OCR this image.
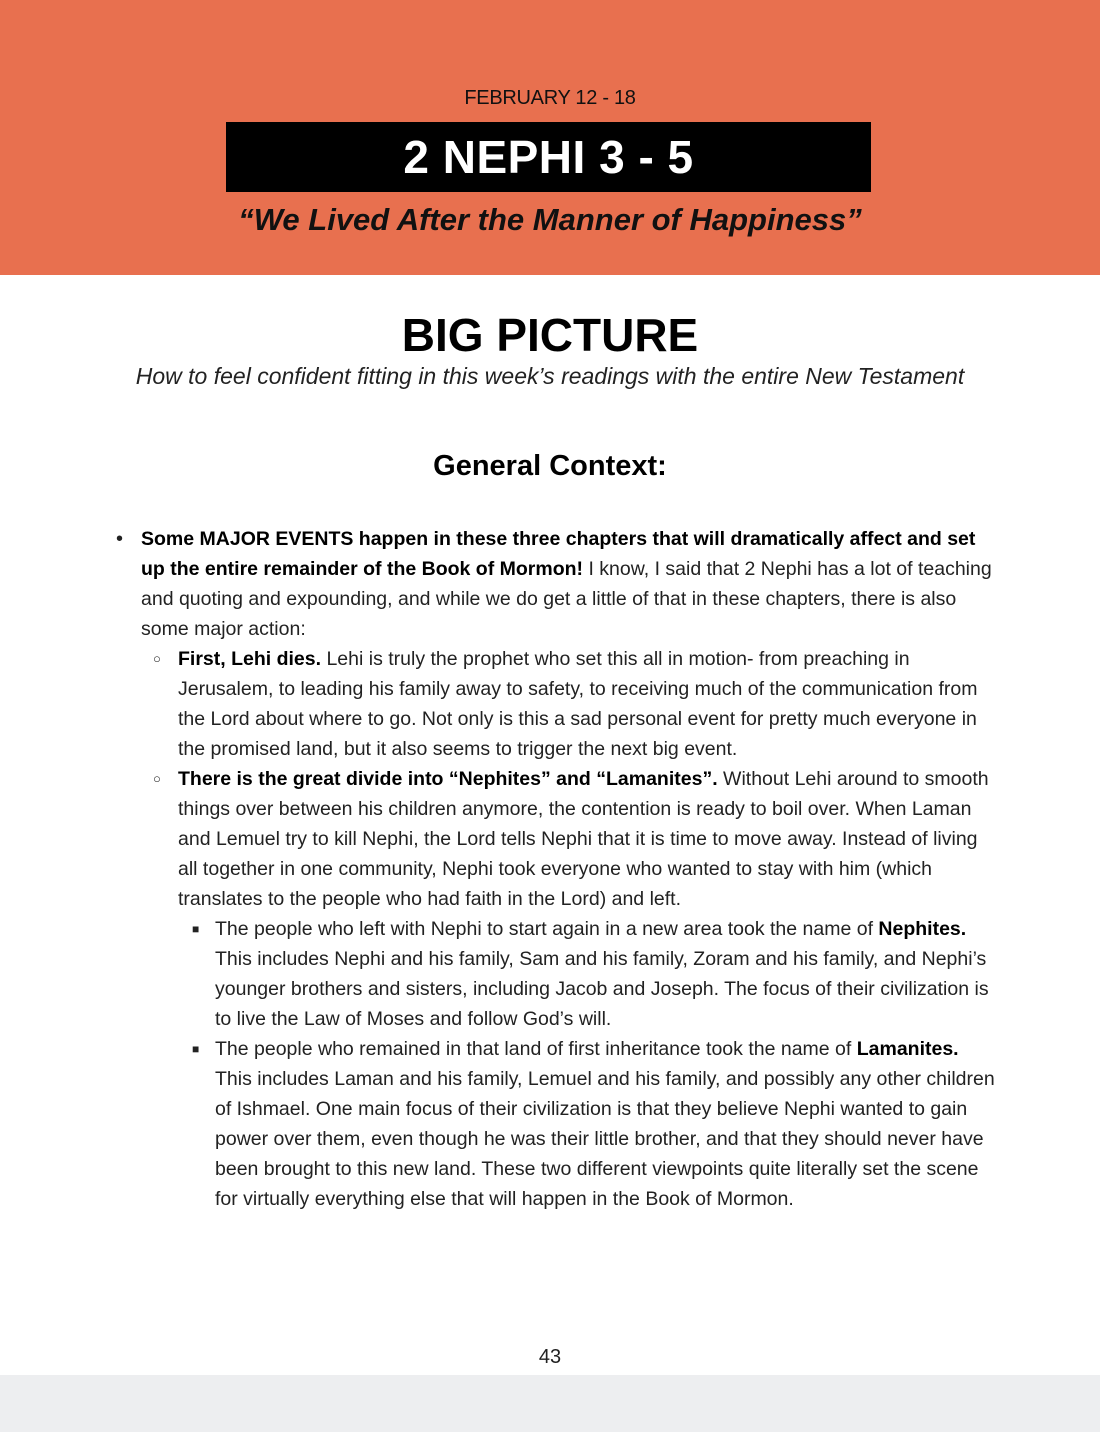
FEBRUARY 12 - 18
2 NEPHI 3 - 5
“We Lived After the Manner of Happiness”
BIG PICTURE
How to feel confident fitting in this week’s readings with the entire New Testament
General Context:
• Some MAJOR EVENTS happen in these three chapters that will dramatically affect and set up the entire remainder of the Book of Mormon! I know, I said that 2 Nephi has a lot of teaching and quoting and expounding, and while we do get a little of that in these chapters, there is also some major action:
○ First, Lehi dies. Lehi is truly the prophet who set this all in motion- from preaching in Jerusalem, to leading his family away to safety, to receiving much of the communication from the Lord about where to go. Not only is this a sad personal event for pretty much everyone in the promised land, but it also seems to trigger the next big event.
○ There is the great divide into “Nephites” and “Lamanites”. Without Lehi around to smooth things over between his children anymore, the contention is ready to boil over. When Laman and Lemuel try to kill Nephi, the Lord tells Nephi that it is time to move away. Instead of living all together in one community, Nephi took everyone who wanted to stay with him (which translates to the people who had faith in the Lord) and left.
■ The people who left with Nephi to start again in a new area took the name of Nephites. This includes Nephi and his family, Sam and his family, Zoram and his family, and Nephi’s younger brothers and sisters, including Jacob and Joseph. The focus of their civilization is to live the Law of Moses and follow God’s will.
■ The people who remained in that land of first inheritance took the name of Lamanites. This includes Laman and his family, Lemuel and his family, and possibly any other children of Ishmael. One main focus of their civilization is that they believe Nephi wanted to gain power over them, even though he was their little brother, and that they should never have been brought to this new land. These two different viewpoints quite literally set the scene for virtually everything else that will happen in the Book of Mormon.
43
